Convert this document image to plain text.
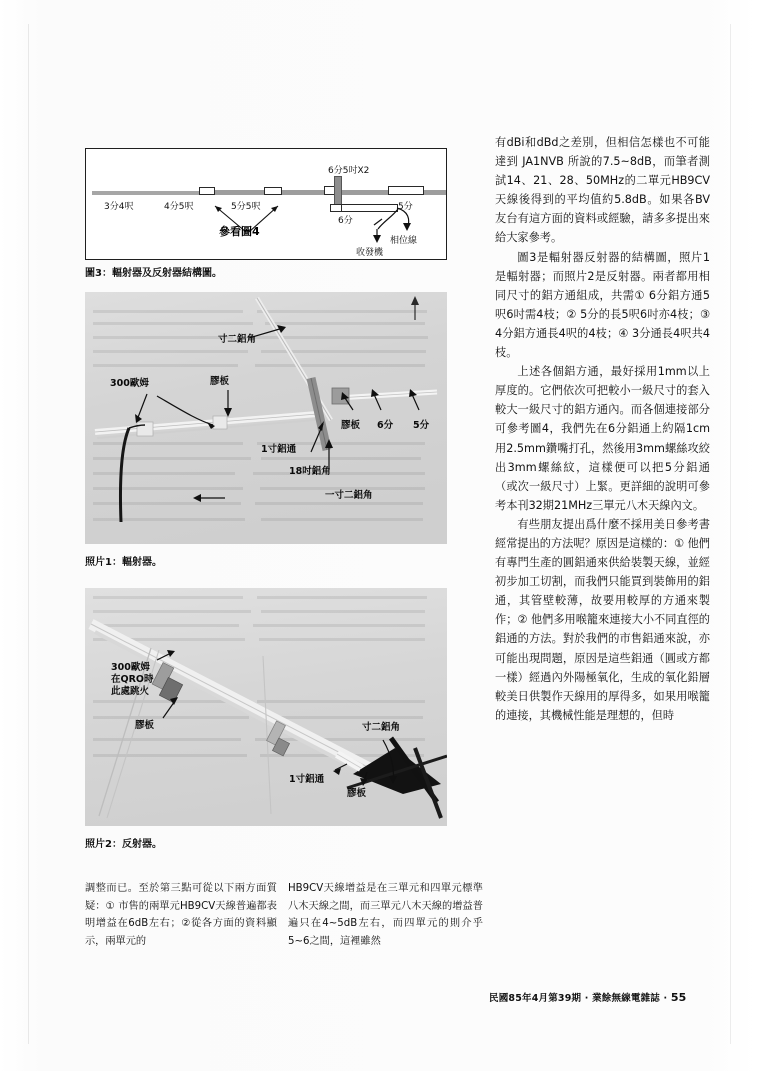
3分4呎	4分5呎	5分5呎
參看圖4
6分5吋X2
6分
5分
相位線
收發機
圖3：輻射器及反射器結構圖。
寸二鋁角
300歐姆	膠板
膠板 6分 5分
1寸鋁通
18吋鋁角
一寸二鋁角
照片1：輻射器。
300歐姆
在QRO時
此處跳火
膠板	寸二鋁角
1寸鋁通
膠板
照片2：反射器。

有dBi和dBd之差別，但相信怎樣也不可能達到 JA1NVB 所說的7.5~8dB，而筆者測試14、21、28、50MHz的二單元HB9CV天線後得到的平均值約5.8dB。如果各BV友台有這方面的資料或經驗，請多多提出來給大家參考。

圖3是輻射器反射器的結構圖，照片1是輻射器；而照片2是反射器。兩者都用相同尺寸的鋁方通組成，共需① 6分鋁方通5呎6吋需4枝；② 5分的長5呎6吋亦4枝；③ 4分鋁方通長4呎的4枝；④ 3分通長4呎共4枝。

上述各個鋁方通，最好採用1mm以上厚度的。它們依次可把較小一級尺寸的套入較大一級尺寸的鋁方通內。而各個連接部分可參考圖4，我們先在6分鋁通上約隔1cm用2.5mm鑽嘴打孔，然後用3mm螺絲攻絞出3mm螺絲紋，這樣便可以把5分鋁通（或次一級尺寸）上緊。更詳細的說明可參考本刊32期21MHz三單元八木天線內文。

有些朋友提出爲什麼不採用美日參考書經常提出的方法呢？原因是這樣的：① 他們有專門生產的圓鋁通來供給裝製天線，並經初步加工切割，而我們只能買到裝飾用的鋁通，其管壁較薄，故要用較厚的方通來製作；② 他們多用喉籠來連接大小不同直徑的鋁通的方法。對於我們的市售鋁通來說，亦可能出現問題，原因是這些鋁通（圓或方都一樣）經過內外陽極氧化，生成的氧化鉛層較美日供製作天線用的厚得多，如果用喉籠的連接，其機械性能是理想的，但時

調整而已。至於第三點可從以下兩方面質疑：① 市售的兩單元HB9CV天線普遍都表明增益在6dB左右；②從各方面的資料顯示，兩單元的

HB9CV天線增益是在三單元和四單元標準八木天線之間，而三單元八木天線的增益普遍只在4~5dB左右，而四單元的則介乎5~6之間，這裡雖然

民國85年4月第39期 · 業餘無線電雜誌 · 55
